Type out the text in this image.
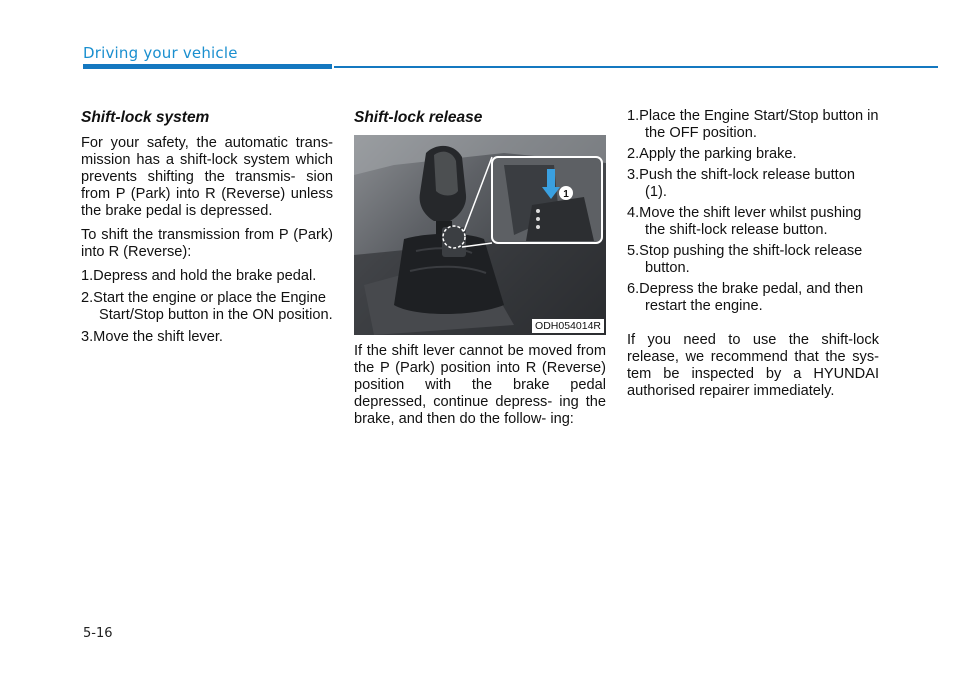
Driving your vehicle
Shift-lock system

For your safety, the automatic trans- mission has a shift-lock system which prevents shifting the transmis- sion from P (Park) into R (Reverse) unless the brake pedal is depressed.

To shift the transmission from P (Park) into R (Reverse):

1.Depress and hold the brake pedal.
2.Start the engine or place the Engine Start/Stop button in the ON position.
3.Move the shift lever.
Shift-lock release
1
ODH054014R

If the shift lever cannot be moved from the P (Park) position into R (Reverse) position with the brake pedal depressed, continue depress- ing the brake, and then do the follow- ing:

1.Place the Engine Start/Stop button in the OFF position.
2.Apply the parking brake.
3.Push the shift-lock release button (1).
4.Move the shift lever whilst pushing the shift-lock release button.
5.Stop pushing the shift-lock release button.
6.Depress the brake pedal, and then restart the engine.

If you need to use the shift-lock release, we recommend that the sys- tem be inspected by a HYUNDAI authorised repairer immediately.

5-16
